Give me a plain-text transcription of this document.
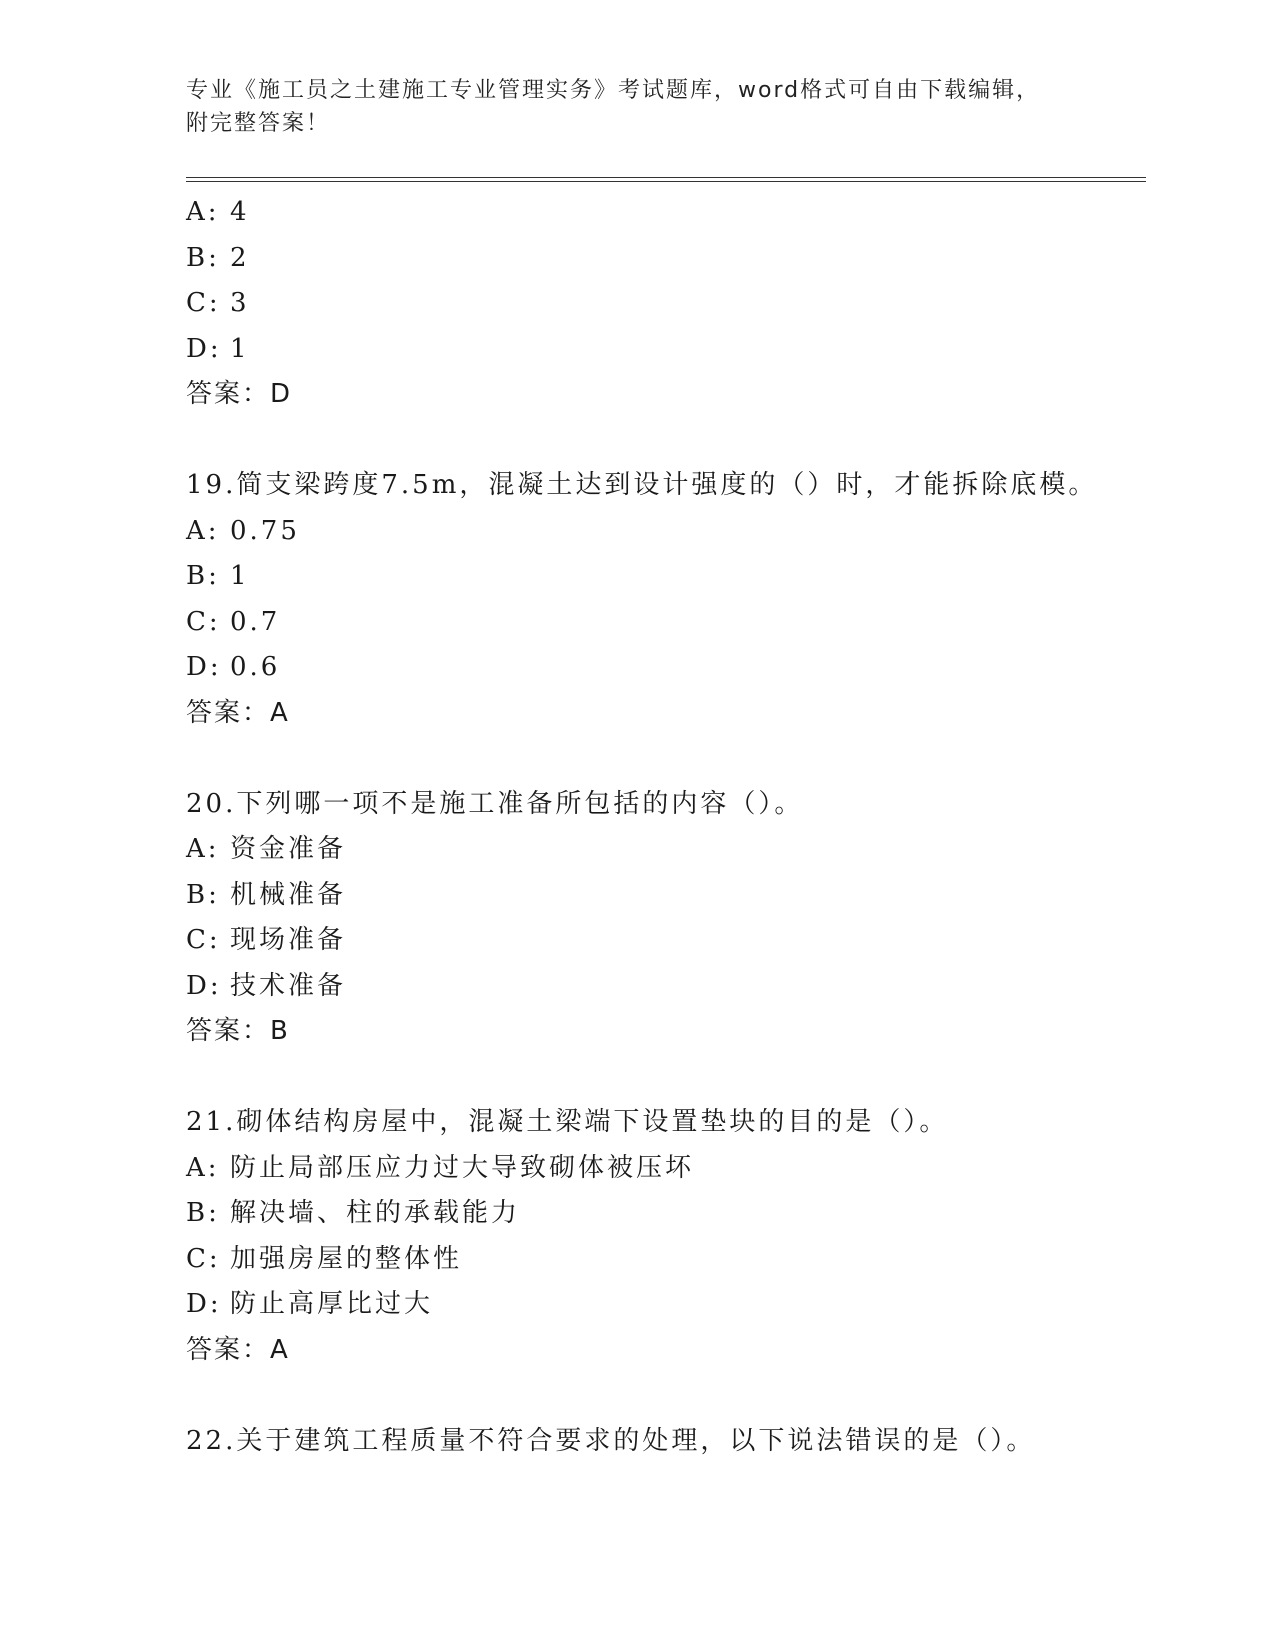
专业《施工员之土建施工专业管理实务》考试题库，word格式可自由下载编辑，
附完整答案！
A: 4
B: 2
C: 3
D: 1
答案：D
19.简支梁跨度7.5m，混凝土达到设计强度的（）时，才能拆除底模。
A: 0.75
B: 1
C: 0.7
D: 0.6
答案：A
20.下列哪一项不是施工准备所包括的内容（）。
A: 资金准备
B: 机械准备
C: 现场准备
D: 技术准备
答案：B
21.砌体结构房屋中，混凝土梁端下设置垫块的目的是（）。
A: 防止局部压应力过大导致砌体被压坏
B: 解决墙、柱的承载能力
C: 加强房屋的整体性
D: 防止高厚比过大
答案：A
22.关于建筑工程质量不符合要求的处理，以下说法错误的是（）。
